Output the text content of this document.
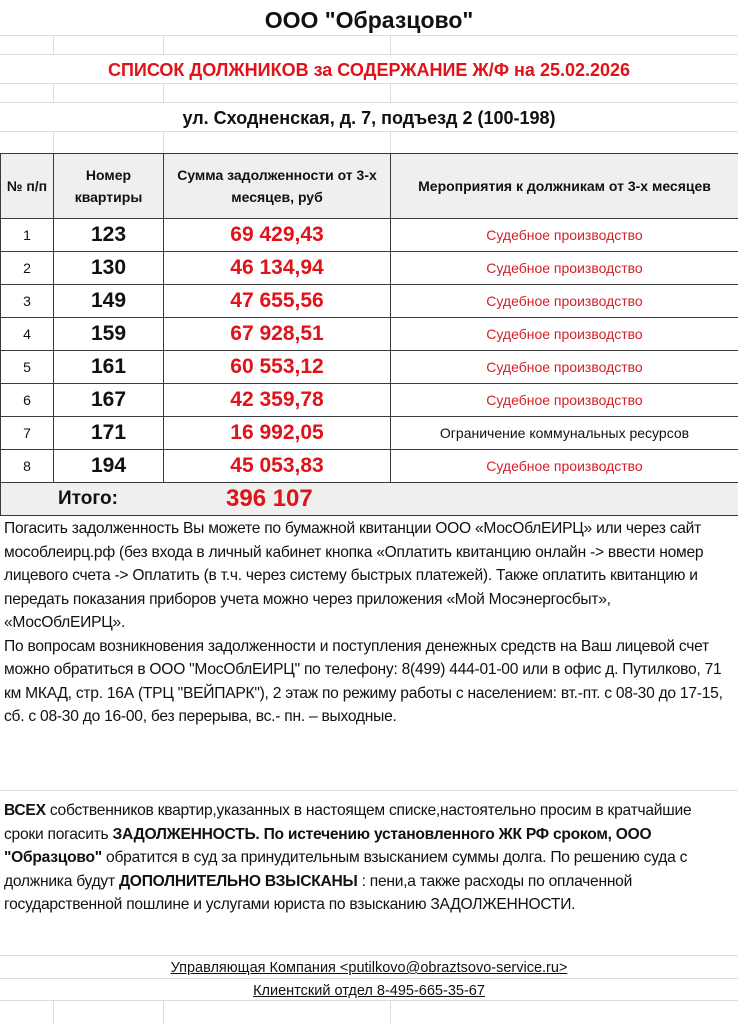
ООО "Образцово"
СПИСОК ДОЛЖНИКОВ за СОДЕРЖАНИЕ Ж/Ф на 25.02.2026
ул. Сходненская, д. 7, подъезд 2 (100-198)
№ п/п	Номер квартиры	Сумма задолженности от 3-х месяцев, руб	Мероприятия к должникам от 3-х месяцев
1	123	69 429,43	Судебное производство
2	130	46 134,94	Судебное производство
3	149	47 655,56	Судебное производство
4	159	67 928,51	Судебное производство
5	161	60 553,12	Судебное производство
6	167	42 359,78	Судебное производство
7	171	16 992,05	Ограничение коммунальных ресурсов
8	194	45 053,83	Судебное производство
Итого:		396 107	
Погасить задолженность Вы можете по бумажной квитанции ООО «МосОблЕИРЦ» или через сайт мособлеирц.рф (без входа в личный кабинет кнопка «Оплатить квитанцию онлайн -> ввести номер лицевого счета -> Оплатить (в т.ч. через систему быстрых платежей). Также оплатить квитанцию и передать показания приборов учета можно через приложения «Мой Мосэнергосбыт», «МосОблЕИРЦ».
По вопросам возникновения задолженности и поступления денежных средств на Ваш лицевой счет можно обратиться в ООО "МосОблЕИРЦ" по телефону: 8(499) 444-01-00 или в офис д. Путилково, 71 км МКАД, стр. 16А (ТРЦ "ВЕЙПАРК"), 2 этаж по режиму работы с населением: вт.-пт. с 08-30 до 17-15, сб. с 08-30 до 16-00, без перерыва, вс.- пн. – выходные.
ВСЕХ собственников квартир,указанных в настоящем списке,настоятельно просим в кратчайшие сроки погасить ЗАДОЛЖЕННОСТЬ. По истечению установленного ЖК РФ сроком, ООО "Образцово" обратится в суд за принудительным взысканием суммы долга. По решению суда с должника будут ДОПОЛНИТЕЛЬНО ВЗЫСКАНЫ : пени,а также расходы по оплаченной государственной пошлине и услугами юриста по взысканию ЗАДОЛЖЕННОСТИ.
Управляющая Компания <putilkovo@obraztsovo-service.ru>
Клиентский отдел 8-495-665-35-67
